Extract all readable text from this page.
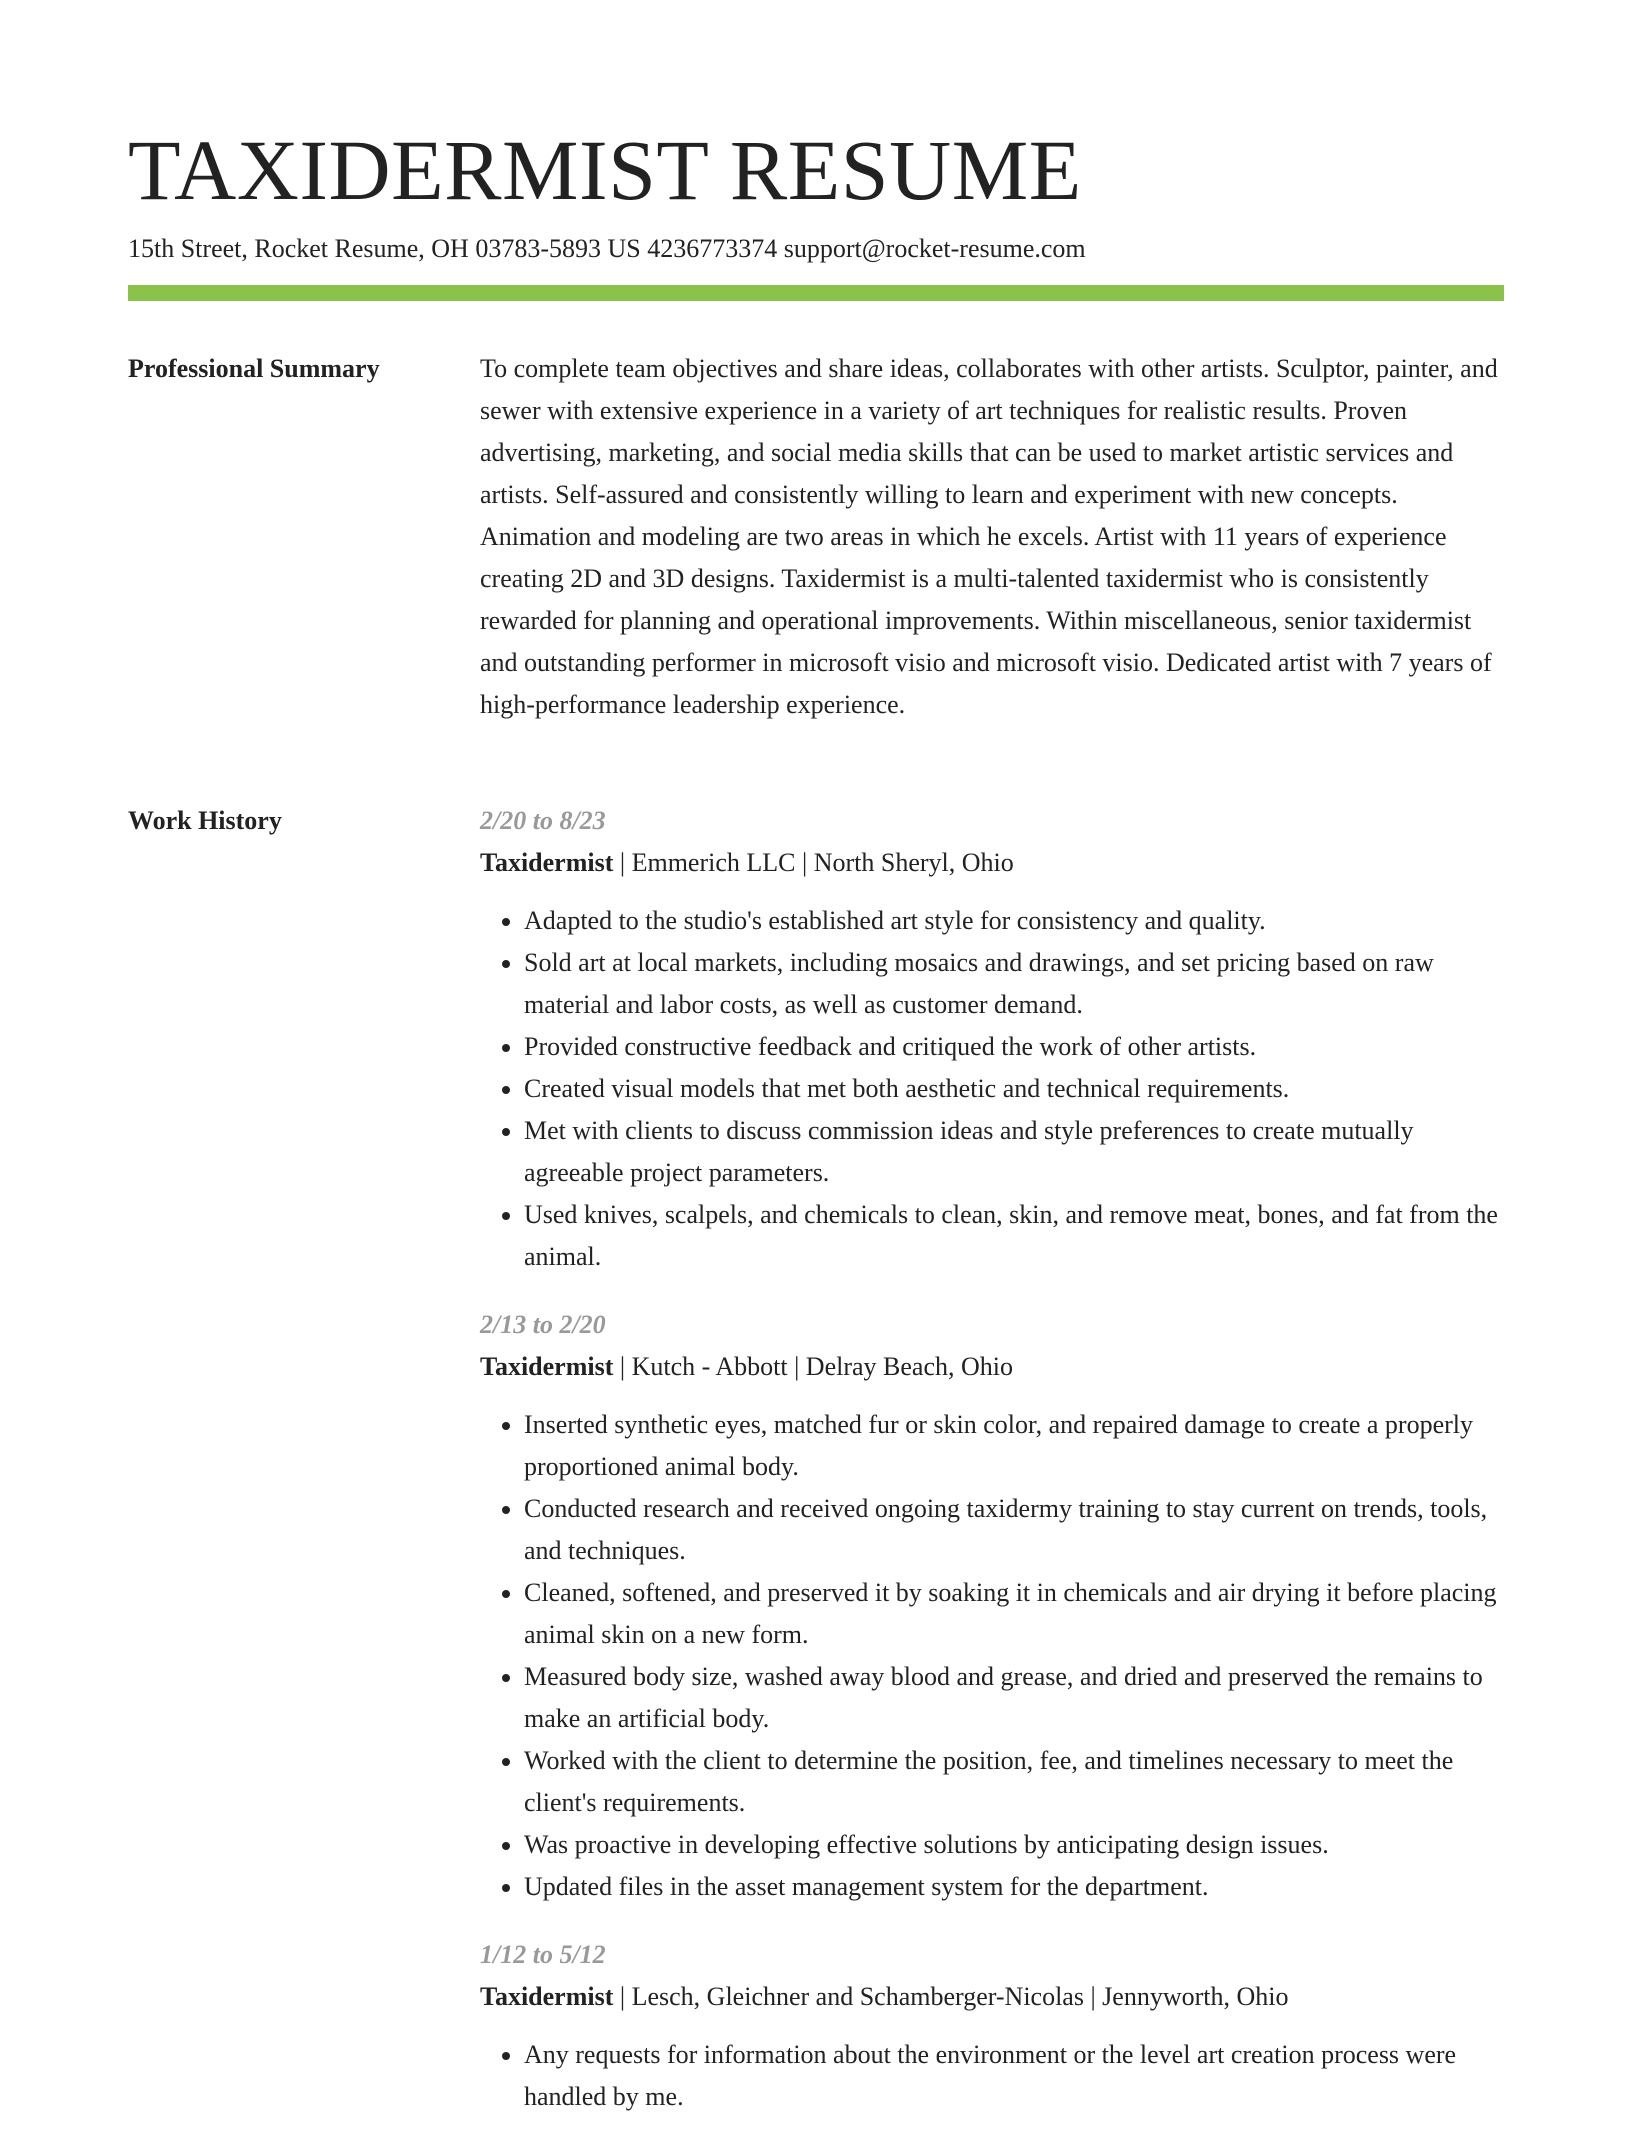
TAXIDERMIST RESUME
15th Street, Rocket Resume, OH 03783-5893 US 4236773374 support@rocket-resume.com
Professional Summary	To complete team objectives and share ideas, collaborates with other artists. Sculptor, painter, and sewer with extensive experience in a variety of art techniques for realistic results. Proven advertising, marketing, and social media skills that can be used to market artistic services and artists. Self-assured and consistently willing to learn and experiment with new concepts. Animation and modeling are two areas in which he excels. Artist with 11 years of experience creating 2D and 3D designs. Taxidermist is a multi-talented taxidermist who is consistently rewarded for planning and operational improvements. Within miscellaneous, senior taxidermist and outstanding performer in microsoft visio and microsoft visio. Dedicated artist with 7 years of high-performance leadership experience.

Work History	2/20 to 8/23
Taxidermist | Emmerich LLC | North Sheryl, Ohio
• Adapted to the studio's established art style for consistency and quality.
• Sold art at local markets, including mosaics and drawings, and set pricing based on raw material and labor costs, as well as customer demand.
• Provided constructive feedback and critiqued the work of other artists.
• Created visual models that met both aesthetic and technical requirements.
• Met with clients to discuss commission ideas and style preferences to create mutually agreeable project parameters.
• Used knives, scalpels, and chemicals to clean, skin, and remove meat, bones, and fat from the animal.
2/13 to 2/20
Taxidermist | Kutch - Abbott | Delray Beach, Ohio
• Inserted synthetic eyes, matched fur or skin color, and repaired damage to create a properly proportioned animal body.
• Conducted research and received ongoing taxidermy training to stay current on trends, tools, and techniques.
• Cleaned, softened, and preserved it by soaking it in chemicals and air drying it before placing animal skin on a new form.
• Measured body size, washed away blood and grease, and dried and preserved the remains to make an artificial body.
• Worked with the client to determine the position, fee, and timelines necessary to meet the client's requirements.
• Was proactive in developing effective solutions by anticipating design issues.
• Updated files in the asset management system for the department.
1/12 to 5/12
Taxidermist | Lesch, Gleichner and Schamberger-Nicolas | Jennyworth, Ohio
• Any requests for information about the environment or the level art creation process were handled by me.
